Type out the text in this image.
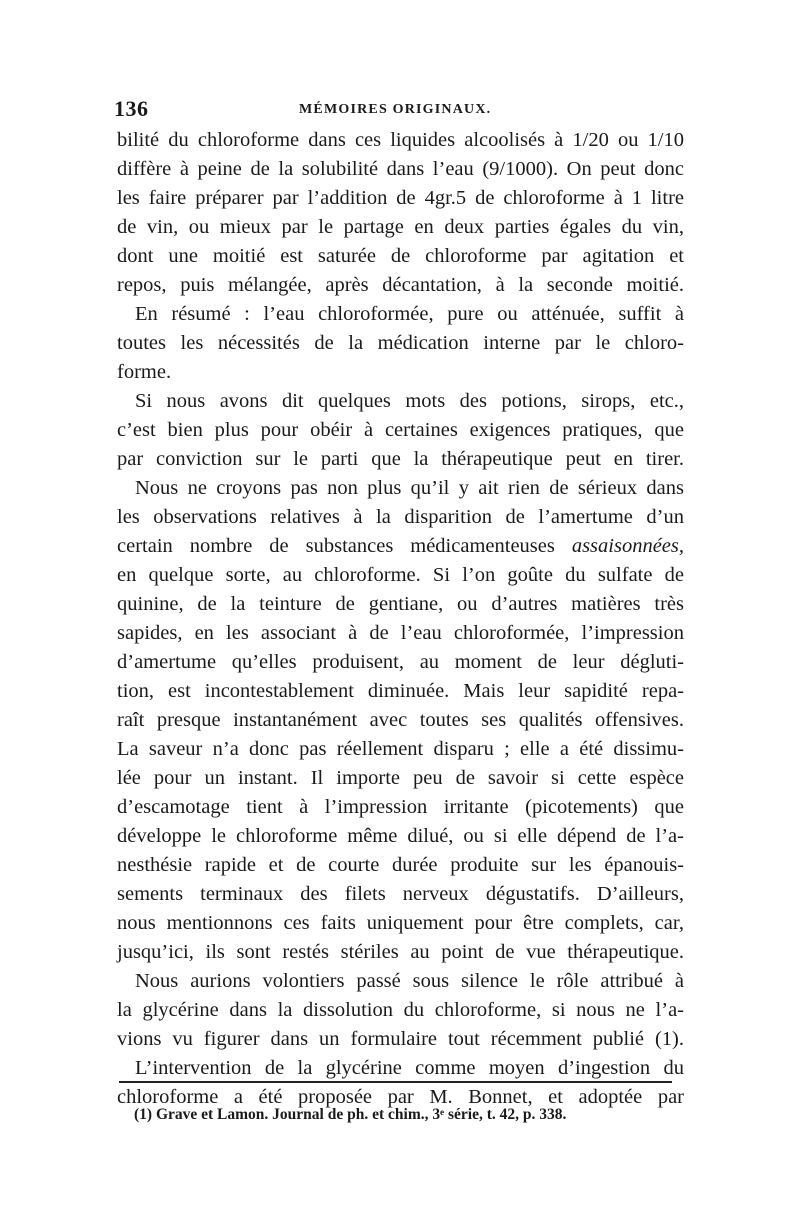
136	MÉMOIRES ORIGINAUX.
bilité du chloroforme dans ces liquides alcoolisés à 1/20 ou 1/10
diffère à peine de la solubilité dans l’eau (9/1000). On peut donc
les faire préparer par l’addition de 4gr.5 de chloroforme à 1 litre
de vin, ou mieux par le partage en deux parties égales du vin,
dont une moitié est saturée de chloroforme par agitation et
repos, puis mélangée, après décantation, à la seconde moitié.
En résumé : l’eau chloroformée, pure ou atténuée, suffit à
toutes les nécessités de la médication interne par le chloro-
forme.
Si nous avons dit quelques mots des potions, sirops, etc.,
c’est bien plus pour obéir à certaines exigences pratiques, que
par conviction sur le parti que la thérapeutique peut en tirer.
Nous ne croyons pas non plus qu’il y ait rien de sérieux dans
les observations relatives à la disparition de l’amertume d’un
certain nombre de substances médicamenteuses assaisonnées,
en quelque sorte, au chloroforme. Si l’on goûte du sulfate de
quinine, de la teinture de gentiane, ou d’autres matières très
sapides, en les associant à de l’eau chloroformée, l’impression
d’amertume qu’elles produisent, au moment de leur dégluti-
tion, est incontestablement diminuée. Mais leur sapidité repa-
raît presque instantanément avec toutes ses qualités offensives.
La saveur n’a donc pas réellement disparu ; elle a été dissimu-
lée pour un instant. Il importe peu de savoir si cette espèce
d’escamotage tient à l’impression irritante (picotements) que
développe le chloroforme même dilué, ou si elle dépend de l’a-
nesthésie rapide et de courte durée produite sur les épanouis-
sements terminaux des filets nerveux dégustatifs. D’ailleurs,
nous mentionnons ces faits uniquement pour être complets, car,
jusqu’ici, ils sont restés stériles au point de vue thérapeutique.
Nous aurions volontiers passé sous silence le rôle attribué à
la glycérine dans la dissolution du chloroforme, si nous ne l’a-
vions vu figurer dans un formulaire tout récemment publié (1).
L’intervention de la glycérine comme moyen d’ingestion du
chloroforme a été proposée par M. Bonnet, et adoptée par
(1) Grave et Lamon. Journal de ph. et chim., 3ᵉ série, t. 42, p. 338.
